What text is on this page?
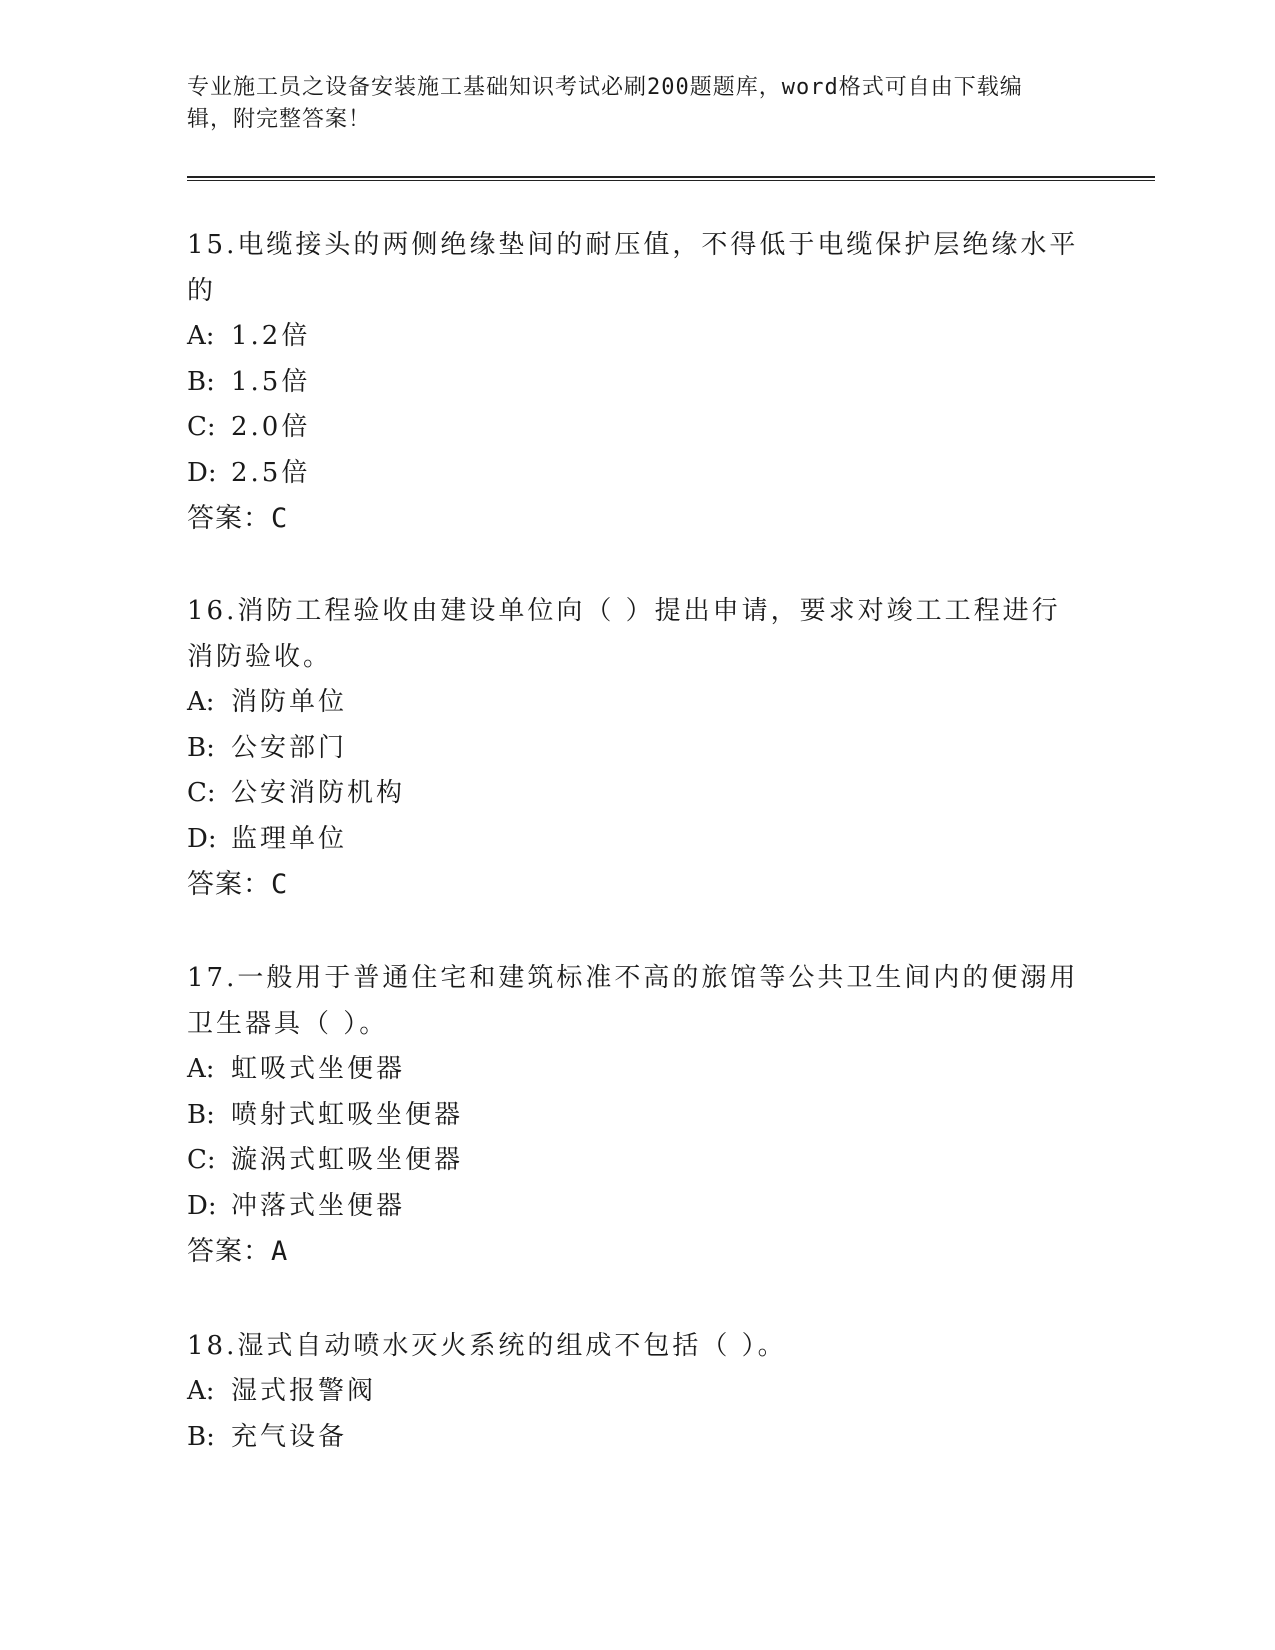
专业施工员之设备安装施工基础知识考试必刷200题题库，word格式可自由下载编辑，附完整答案！

15.电缆接头的两侧绝缘垫间的耐压值，不得低于电缆保护层绝缘水平的

A: 1.2倍

B: 1.5倍

C: 2.0倍

D: 2.5倍

答案：C

16.消防工程验收由建设单位向（ ）提出申请，要求对竣工工程进行消防验收。

A: 消防单位

B: 公安部门

C: 公安消防机构

D: 监理单位

答案：C

17.一般用于普通住宅和建筑标准不高的旅馆等公共卫生间内的便溺用卫生器具（ ）。

A: 虹吸式坐便器

B: 喷射式虹吸坐便器

C: 漩涡式虹吸坐便器

D: 冲落式坐便器

答案：A

18.湿式自动喷水灭火系统的组成不包括（ ）。

A: 湿式报警阀

B: 充气设备
